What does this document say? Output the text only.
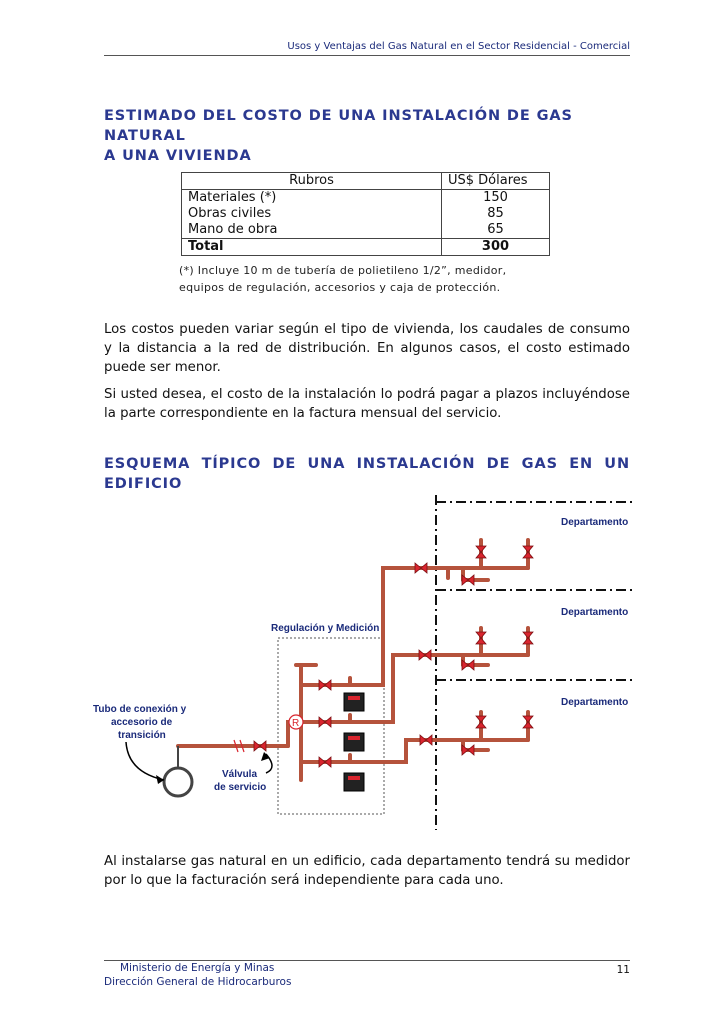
Usos y Ventajas del Gas Natural en el Sector Residencial - Comercial
ESTIMADO DEL COSTO DE UNA INSTALACIÓN DE GAS NATURAL
A UNA VIVIENDA
Rubros	US$ Dólares
Materiales (*)	150
Obras civiles	85
Mano de obra	65
Total	300
(*) Incluye 10 m de tubería de polietileno 1/2”, medidor,
equipos de regulación, accesorios y caja de protección.

Los costos pueden variar según el tipo de vivienda, los caudales de consumo y la distancia a la red de distribución. En algunos casos, el costo estimado puede ser menor.

Si usted desea, el costo de la instalación lo podrá pagar a plazos incluyéndose la parte correspondiente en la factura mensual del servicio.

ESQUEMA TÍPICO DE UNA INSTALACIÓN DE GAS EN UN
EDIFICIO
R
Departamento
Departamento
Departamento
Regulación y Medición
Tubo de conexión y
accesorio de
transición
Válvula
de servicio

Al instalarse gas natural en un edificio, cada departamento tendrá su medidor por lo que la facturación será independiente para cada uno.

Ministerio de Energía y Minas
Dirección General de Hidrocarburos
11
